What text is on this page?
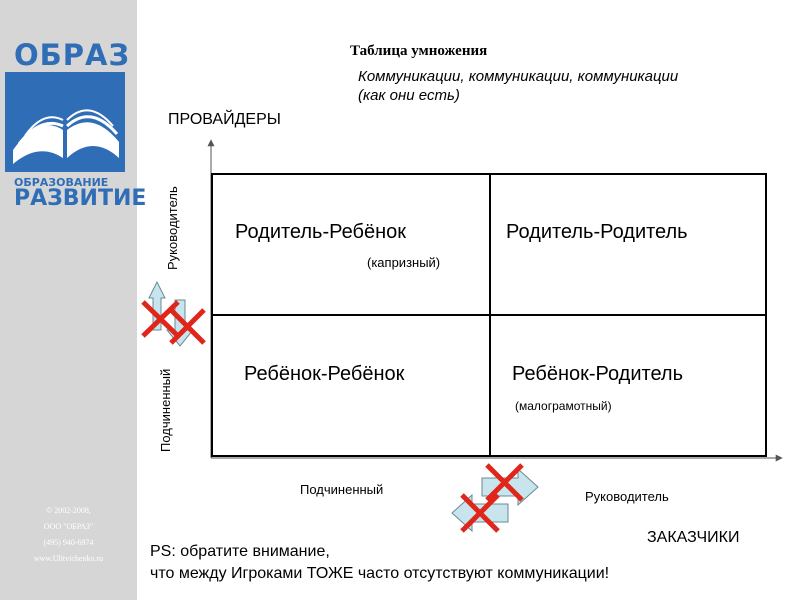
ОБРАЗ
ОБРАЗОВАНИЕ
РАЗВИТИЕ
© 2002-2008,
ООО "ОБРАЗ"
(495) 940-6974
www.Ulitvichenko.ru
Таблица умножения
Коммуникации, коммуникации, коммуникации
(как они есть)
ПРОВАЙДЕРЫ
ЗАКАЗЧИКИ
Руководитель
Подчиненный
Подчиненный	Руководитель
Родитель-Ребёнок
(капризный)
Родитель-Родитель
Ребёнок-Ребёнок	Ребёнок-Родитель
(малограмотный)
PS: обратите внимание,
что между Игроками ТОЖЕ часто отсутствуют коммуникации!
